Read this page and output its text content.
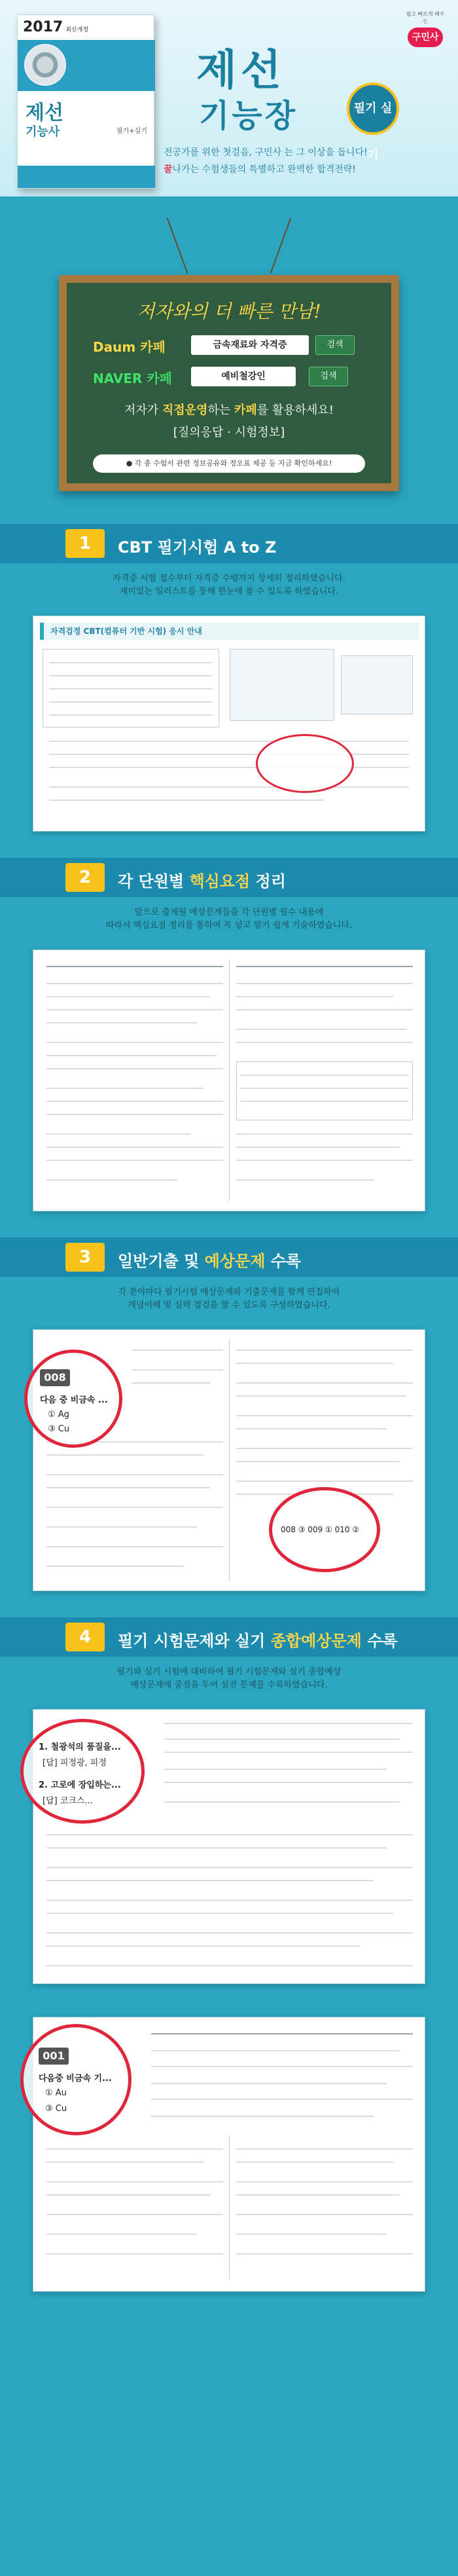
쉽고 빠르게 배우는
구민사
2017 최신개정
제선
기능사	필기+실기
제선
기능장	필기 실기
전공가를 위한 첫걸음, 구민사 는 그 이상을 돕니다!
꿀나가는 수험생들의 특별하고 완벽한 합격전략!
저자와의 더 빠른 만남!
Daum 카페	금속재료와 자격증	검색
NAVER 카페	예비철강인	검색
저자가 직접운영하는 카페를 활용하세요!
[질의응답 · 시험정보]
● 각 종 수험서 관련 정보공유와 정오표 제공 등 지금 확인하세요!
1	CBT 필기시험 A to Z
자격증 시험 접수부터 자격증 수령까지 상세히 정리하였습니다.
재미있는 일러스트를 통해 한눈에 볼 수 있도록 하였습니다.
자격검정 CBT(컴퓨터 기반 시험) 응시 안내
2	각 단원별 핵심요점 정리
앞으로 출제될 예상문제들을 각 단원별 필수 내용에
따라서 핵심요점 정리를 통하여 꼭 넣고 알기 쉽게 기술하였습니다.
3	일반기출 및 예상문제 수록
각 분야마다 필기시험 예상문제와 기출문제를 함께 편집하여
개념이해 및 실력 점검을 할 수 있도록 구성하였습니다.
008
다음 중 비금속 ...
① Ag
③ Cu
008 ③ 009 ① 010 ②
4	필기 시험문제와 실기 종합예상문제 수록
필기와 실기 시험에 대비하여 필기 시험문제와 실기 종합예상
예상문제에 중점을 두어 실전 문제를 수록하였습니다.
1. 철광석의 품질을...
[답] 피정광, 피정
2. 고로에 장입하는...
[답] 코크스...
001
다음중 비금속 기...
① Au
③ Cu
